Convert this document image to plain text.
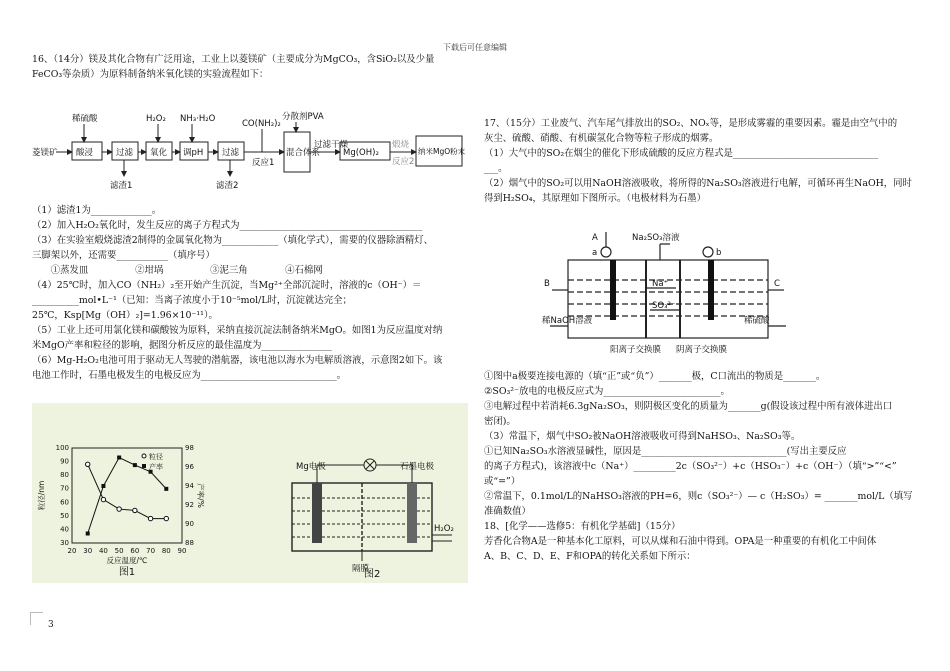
下载后可任意编辑

16、（14分）镁及其化合物有广泛用途，工业上以菱镁矿（主要成分为MgCO₃，含SiO₂以及少量

FeCO₃等杂质）为原料制备纳米氧化镁的实验流程如下：

菱镁矿
稀硫酸	H₂O₂ NH₃·H₂O	CO(NH₂)₂
分散剂PVA
酸浸	过滤 氧化 调pH 过滤
反应1
混合体系
过滤干燥
Mg(OH)₂
煅烧
纳米MgO粉末
滤渣1	滤渣2
反应2

（1）滤渣1为_____________。

（2）加入H₂O₂氧化时，发生反应的离子方程式为_______________________________________

（3）在实验室煅烧滤渣2制得的金属氧化物为____________（填化学式），需要的仪器除酒精灯、

三脚架以外，还需要___________（填序号）

　　①蒸发皿　　　　　②坩埚　　　　　③泥三角　　　　④石棉网

（4）25℃时，加入CO（NH₂）₂至开始产生沉淀，当Mg²⁺全部沉淀时，溶液的c（OH⁻）＝

__________mol•L⁻¹（已知：当离子浓度小于10⁻⁵mol/L时，沉淀就达完全；

25℃，Ksp[Mg（OH）₂]=1.96×10⁻¹¹）。

（5）工业上还可用氯化镁和碳酸铵为原料，采纳直接沉淀法制备纳米MgO。如图1为反应温度对纳

米MgO产率和粒径的影响，据图分析反应的最佳温度为_______________

（6）Mg-H₂O₂电池可用于驱动无人驾驶的潜航器，该电池以海水为电解质溶液，示意图2如下。该

电池工作时，石墨电极发生的电极反应为_____________________________。

20 30 40 50 60 70 80 90
30
40
50
60
70
80
90
100
88
90
92
94
96
98
反应温度/℃
粒径/nm	产率/%
粒径
产率
图1
Mg电极	石墨电极
H₂O₂
隔膜
图2

17、（15分）工业废气、汽车尾气排放出的SO₂、NOₓ等，是形成雾霾的重要因素。霾是由空气中的

灰尘、硫酸、硝酸、有机碳氢化合物等粒子形成的烟雾。

（1）大气中的SO₂在烟尘的催化下形成硫酸的反应方程式是_______________________________

___。

（2）烟气中的SO₂可以用NaOH溶液吸收，将所得的Na₂SO₃溶液进行电解，可循环再生NaOH，同时

得到H₂SO₄，其原理如下图所示。（电极材料为石墨）

a	b
A	Na₂SO₃溶液
B	C
Na⁺
SO₃²⁻
稀NaOH溶液	稀硫酸
阳离子交换膜 阴离子交换膜

①图中a极要连接电源的（填“正”或“负”）_______极，C口流出的物质是_______。

②SO₃²⁻放电的电极反应式为_________________________。

③电解过程中若消耗6.3gNa₂SO₃，则阴极区变化的质量为_______g(假设该过程中所有液体进出口

密闭)。

（3）常温下，烟气中SO₂被NaOH溶液吸收可得到NaHSO₃、Na₂SO₃等。

①已知Na₂SO₃水溶液显碱性，原因是_______________________________(写出主要反应

的离子方程式)，该溶液中c（Na⁺）_________2c（SO₃²⁻）+c（HSO₃⁻）+c（OH⁻）（填“>”“<”

或“=”）

②常温下，0.1mol/L的NaHSO₃溶液的PH=6，则c（SO₃²⁻）— c（H₂SO₃）= _______mol/L（填写

准确数值）

18、[化学——选修5：有机化学基础]（15分）

芳香化合物A是一种基本化工原料，可以从煤和石油中得到。OPA是一种重要的有机化工中间体

A、B、C、D、E、F和OPA的转化关系如下所示：

3
